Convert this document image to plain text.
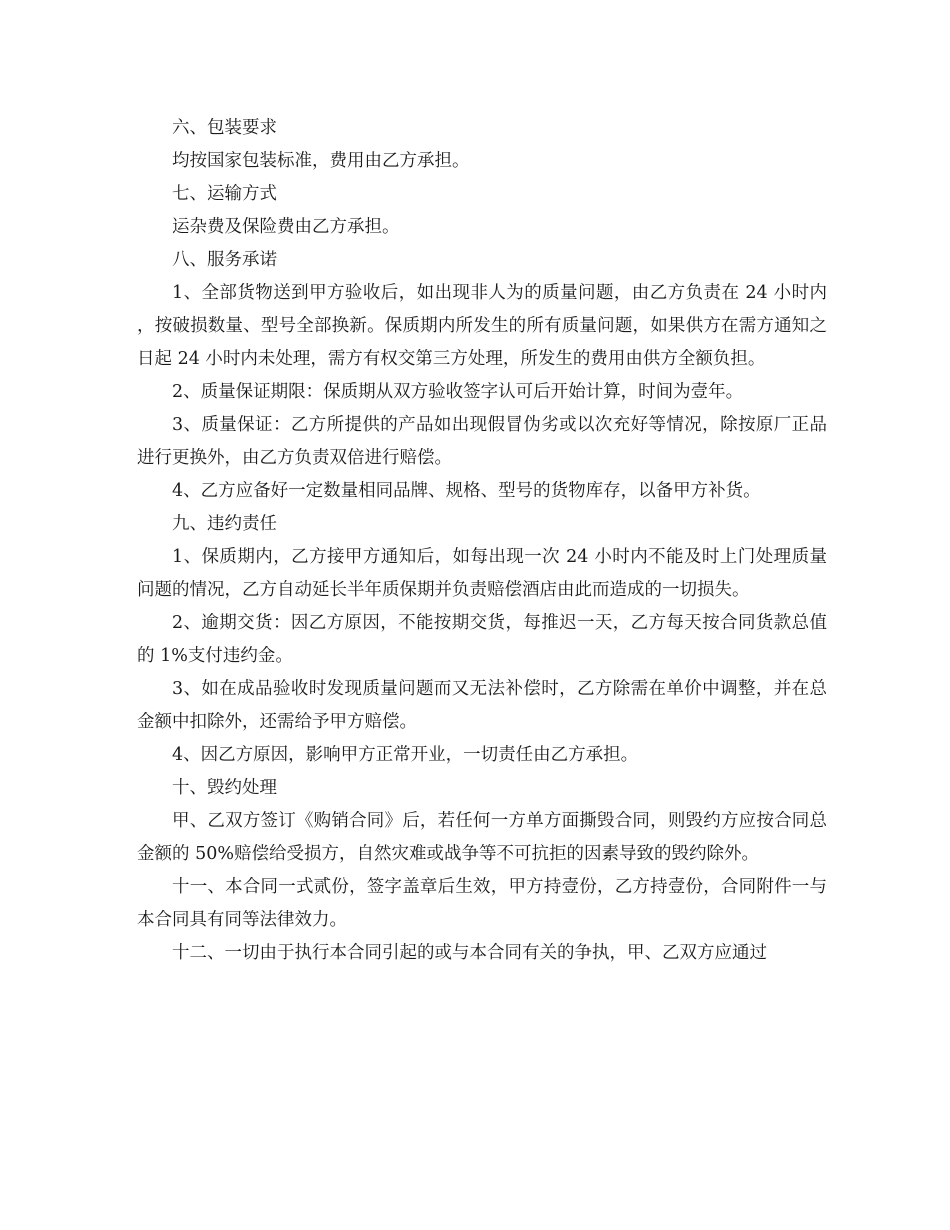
六、包装要求

均按国家包装标准，费用由乙方承担。

七、运输方式

运杂费及保险费由乙方承担。

八、服务承诺

1、全部货物送到甲方验收后，如出现非人为的质量问题，由乙方负责在 24 小时内，按破损数量、型号全部换新。保质期内所发生的所有质量问题，如果供方在需方通知之日起 24 小时内未处理，需方有权交第三方处理，所发生的费用由供方全额负担。

2、质量保证期限：保质期从双方验收签字认可后开始计算，时间为壹年。

3、质量保证：乙方所提供的产品如出现假冒伪劣或以次充好等情况，除按原厂正品进行更换外，由乙方负责双倍进行赔偿。

4、乙方应备好一定数量相同品牌、规格、型号的货物库存，以备甲方补货。

九、违约责任

1、保质期内，乙方接甲方通知后，如每出现一次 24 小时内不能及时上门处理质量问题的情况，乙方自动延长半年质保期并负责赔偿酒店由此而造成的一切损失。

2、逾期交货：因乙方原因，不能按期交货，每推迟一天，乙方每天按合同货款总值的 1%支付违约金。

3、如在成品验收时发现质量问题而又无法补偿时，乙方除需在单价中调整，并在总金额中扣除外，还需给予甲方赔偿。

4、因乙方原因，影响甲方正常开业，一切责任由乙方承担。

十、毁约处理

甲、乙双方签订《购销合同》后，若任何一方单方面撕毁合同，则毁约方应按合同总金额的 50%赔偿给受损方，自然灾难或战争等不可抗拒的因素导致的毁约除外。

十一、本合同一式贰份，签字盖章后生效，甲方持壹份，乙方持壹份，合同附件一与本合同具有同等法律效力。

十二、一切由于执行本合同引起的或与本合同有关的争执，甲、乙双方应通过
